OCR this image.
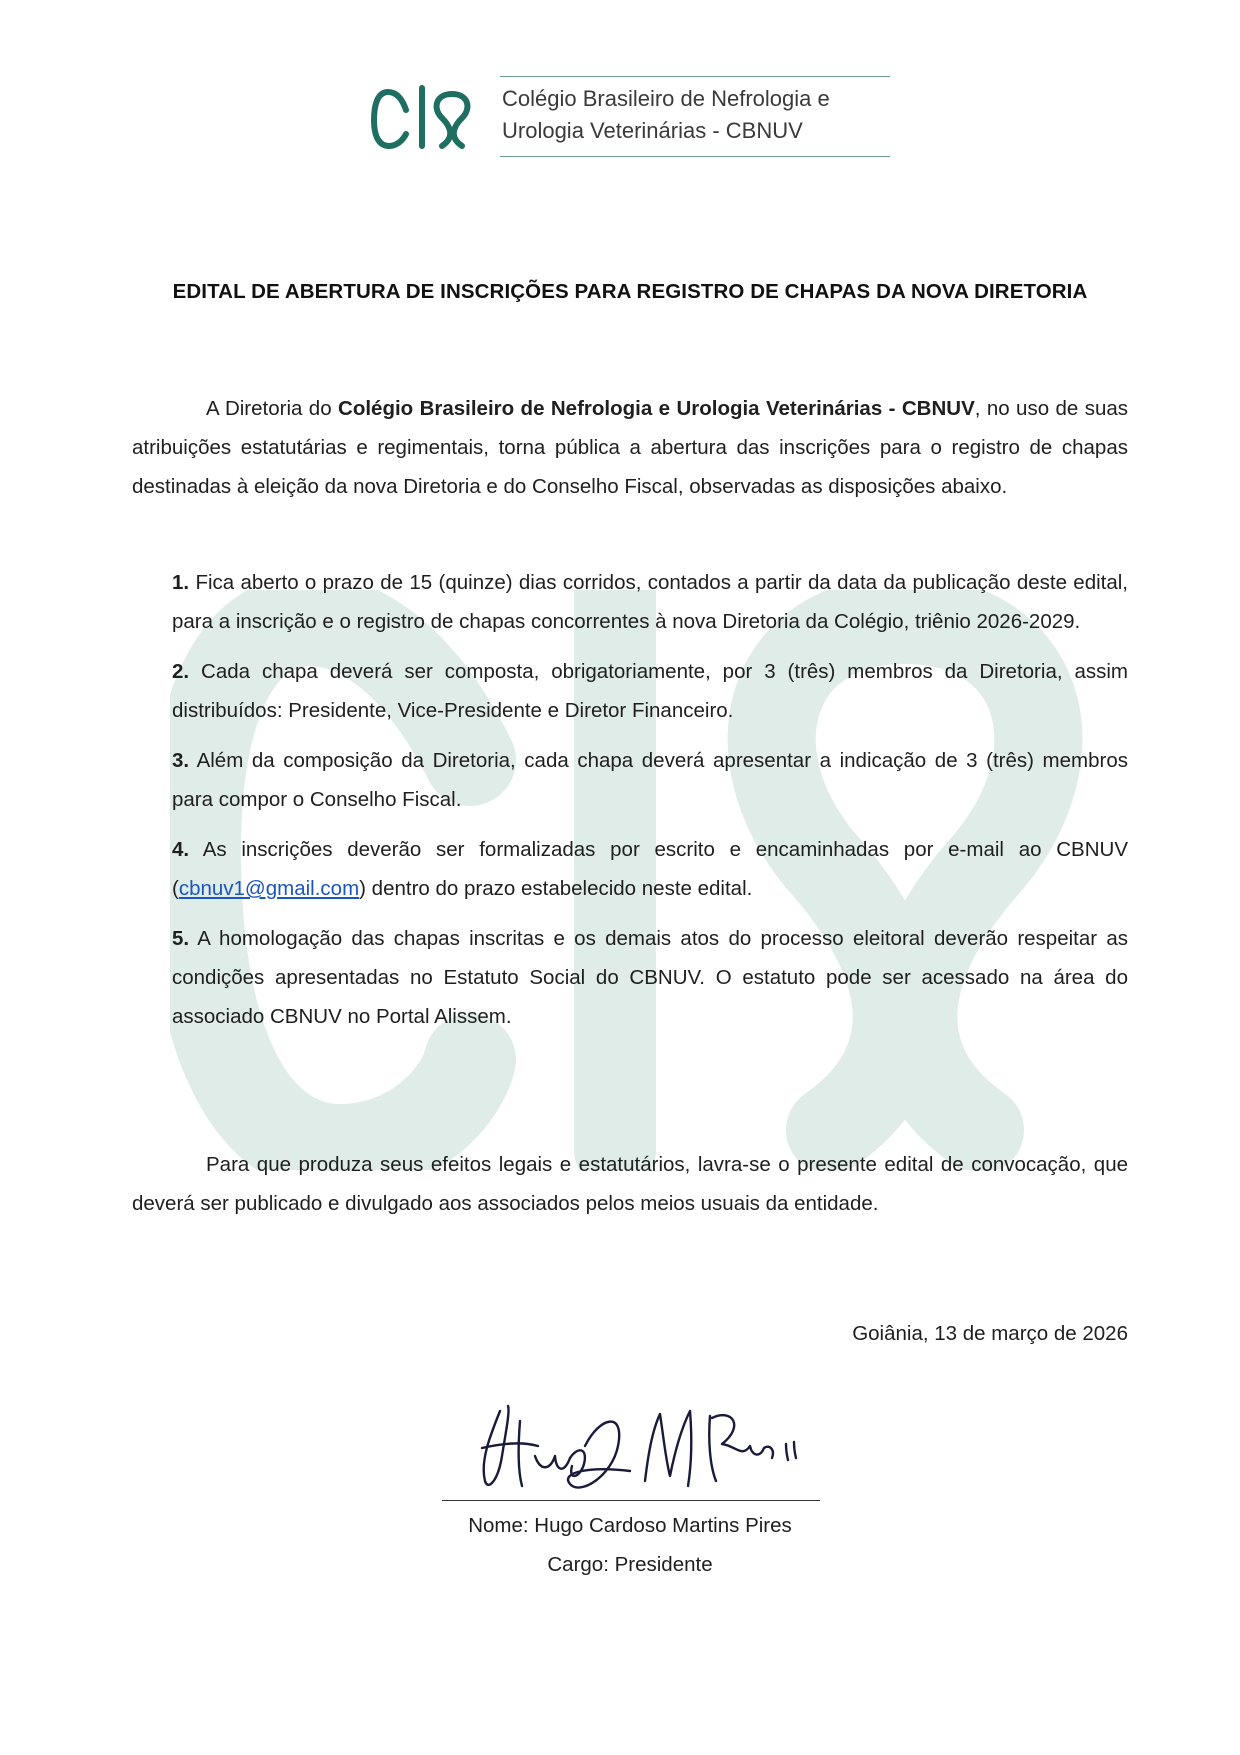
Colégio Brasileiro de Nefrologia e
Urologia Veterinárias - CBNUV
EDITAL DE ABERTURA DE INSCRIÇÕES PARA REGISTRO DE CHAPAS DA NOVA DIRETORIA
A Diretoria do Colégio Brasileiro de Nefrologia e Urologia Veterinárias - CBNUV, no uso de suas atribuições estatutárias e regimentais, torna pública a abertura das inscrições para o registro de chapas destinadas à eleição da nova Diretoria e do Conselho Fiscal, observadas as disposições abaixo.
1. Fica aberto o prazo de 15 (quinze) dias corridos, contados a partir da data da publicação deste edital, para a inscrição e o registro de chapas concorrentes à nova Diretoria da Colégio, triênio 2026-2029.
2. Cada chapa deverá ser composta, obrigatoriamente, por 3 (três) membros da Diretoria, assim distribuídos: Presidente, Vice-Presidente e Diretor Financeiro.
3. Além da composição da Diretoria, cada chapa deverá apresentar a indicação de 3 (três) membros para compor o Conselho Fiscal.
4. As inscrições deverão ser formalizadas por escrito e encaminhadas por e-mail ao CBNUV (cbnuv1@gmail.com) dentro do prazo estabelecido neste edital.
5. A homologação das chapas inscritas e os demais atos do processo eleitoral deverão respeitar as condições apresentadas no Estatuto Social do CBNUV. O estatuto pode ser acessado na área do associado CBNUV no Portal Alissem.
Para que produza seus efeitos legais e estatutários, lavra-se o presente edital de convocação, que deverá ser publicado e divulgado aos associados pelos meios usuais da entidade.
Goiânia, 13 de março de 2026
Nome: Hugo Cardoso Martins Pires
Cargo: Presidente
